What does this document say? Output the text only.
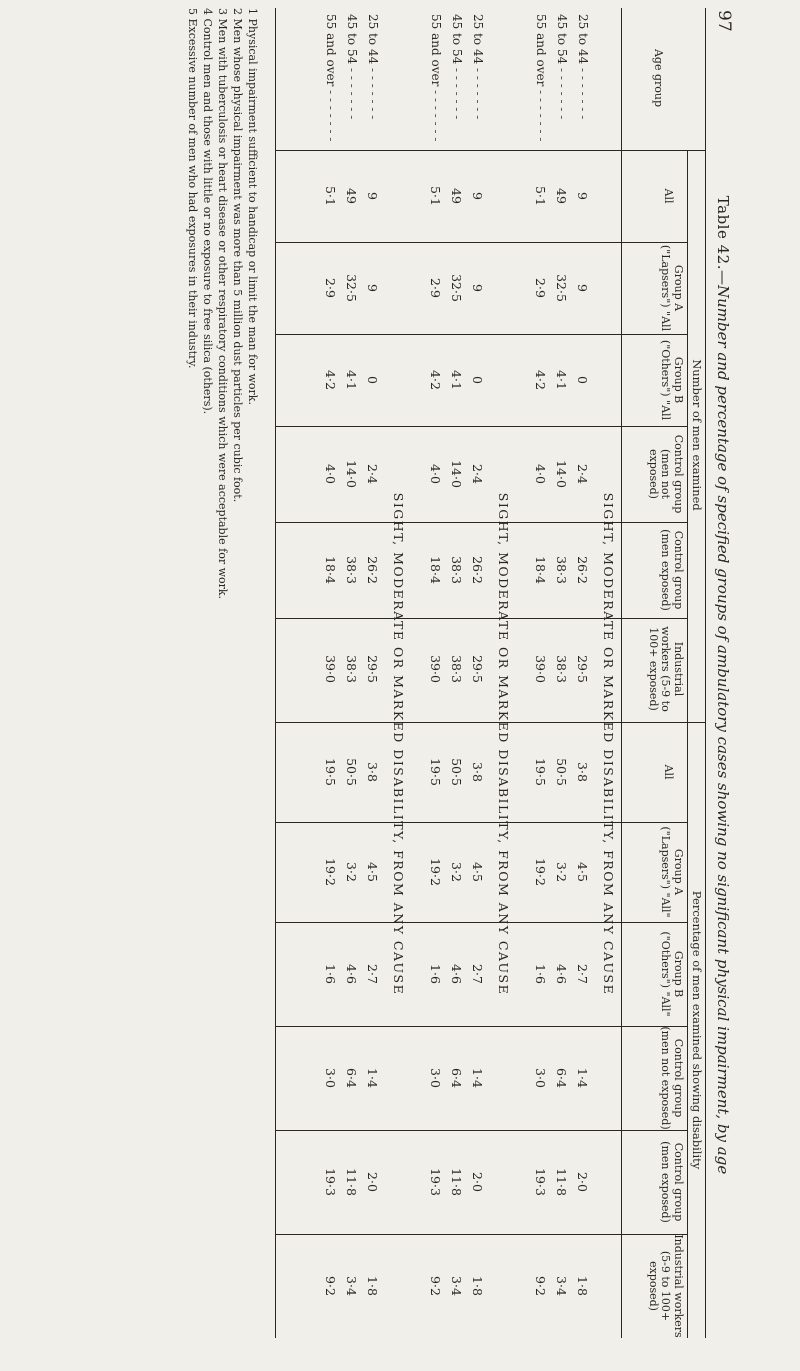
97
Table 42.—Number and percentage of specified groups of ambulatory cases showing no significant physical impairment, by age
Age group
Number of men examined
Percentage of men examined showing disability
All
Group A ("Lapsers") "All
Group B ("Others") "All
Control group (men not exposed)
Control group (men exposed)
Industrial workers (5-9 to 100+ exposed)
All
Group A ("Lapsers") "All"
Group B ("Others") "All"
Control group (men not exposed)
Control group (men exposed)
Industrial workers (5-9 to 100+ exposed)
SIGHT, MODERATE OR MARKED DISABILITY, FROM ANY CAUSE
25 to 44 - - - - - - -
9
9
0
2·4
26·2
29·5
3·8
4·5
2·7
1·4
2·0
1·8
45 to 54 - - - - - - -
49
32·5
4·1
14·0
38·3
38·3
50·5
3·2
4·6
6·4
11·8
3·4
55 and over - - - - - - -
5·1
2·9
4·2
4·0
18·4
39·0
19·5
19·2
1·6
3·0
19·3
9·2
SIGHT, MODERATE OR MARKED DISABILITY, FROM ANY CAUSE
25 to 44 - - - - - - -
9
9
0
2·4
26·2
29·5
3·8
4·5
2·7
1·4
2·0
1·8
45 to 54 - - - - - - -
49
32·5
4·1
14·0
38·3
38·3
50·5
3·2
4·6
6·4
11·8
3·4
55 and over - - - - - - -
5·1
2·9
4·2
4·0
18·4
39·0
19·5
19·2
1·6
3·0
19·3
9·2
SIGHT, MODERATE OR MARKED DISABILITY, FROM ANY CAUSE
25 to 44 - - - - - - -
9
9
0
2·4
26·2
29·5
3·8
4·5
2·7
1·4
2·0
1·8
45 to 54 - - - - - - -
49
32·5
4·1
14·0
38·3
38·3
50·5
3·2
4·6
6·4
11·8
3·4
55 and over - - - - - - -
5·1
2·9
4·2
4·0
18·4
39·0
19·5
19·2
1·6
3·0
19·3
9·2
1 Physical impairment sufficient to handicap or limit the man for work.
2 Men whose physical impairment was more than 5 million dust particles per cubic foot.
3 Men with tuberculosis or heart disease or other respiratory conditions which were acceptable for work.
4 Control men and those with little or no exposure to free silica (others).
5 Excessive number of men who had exposures in their industry.
